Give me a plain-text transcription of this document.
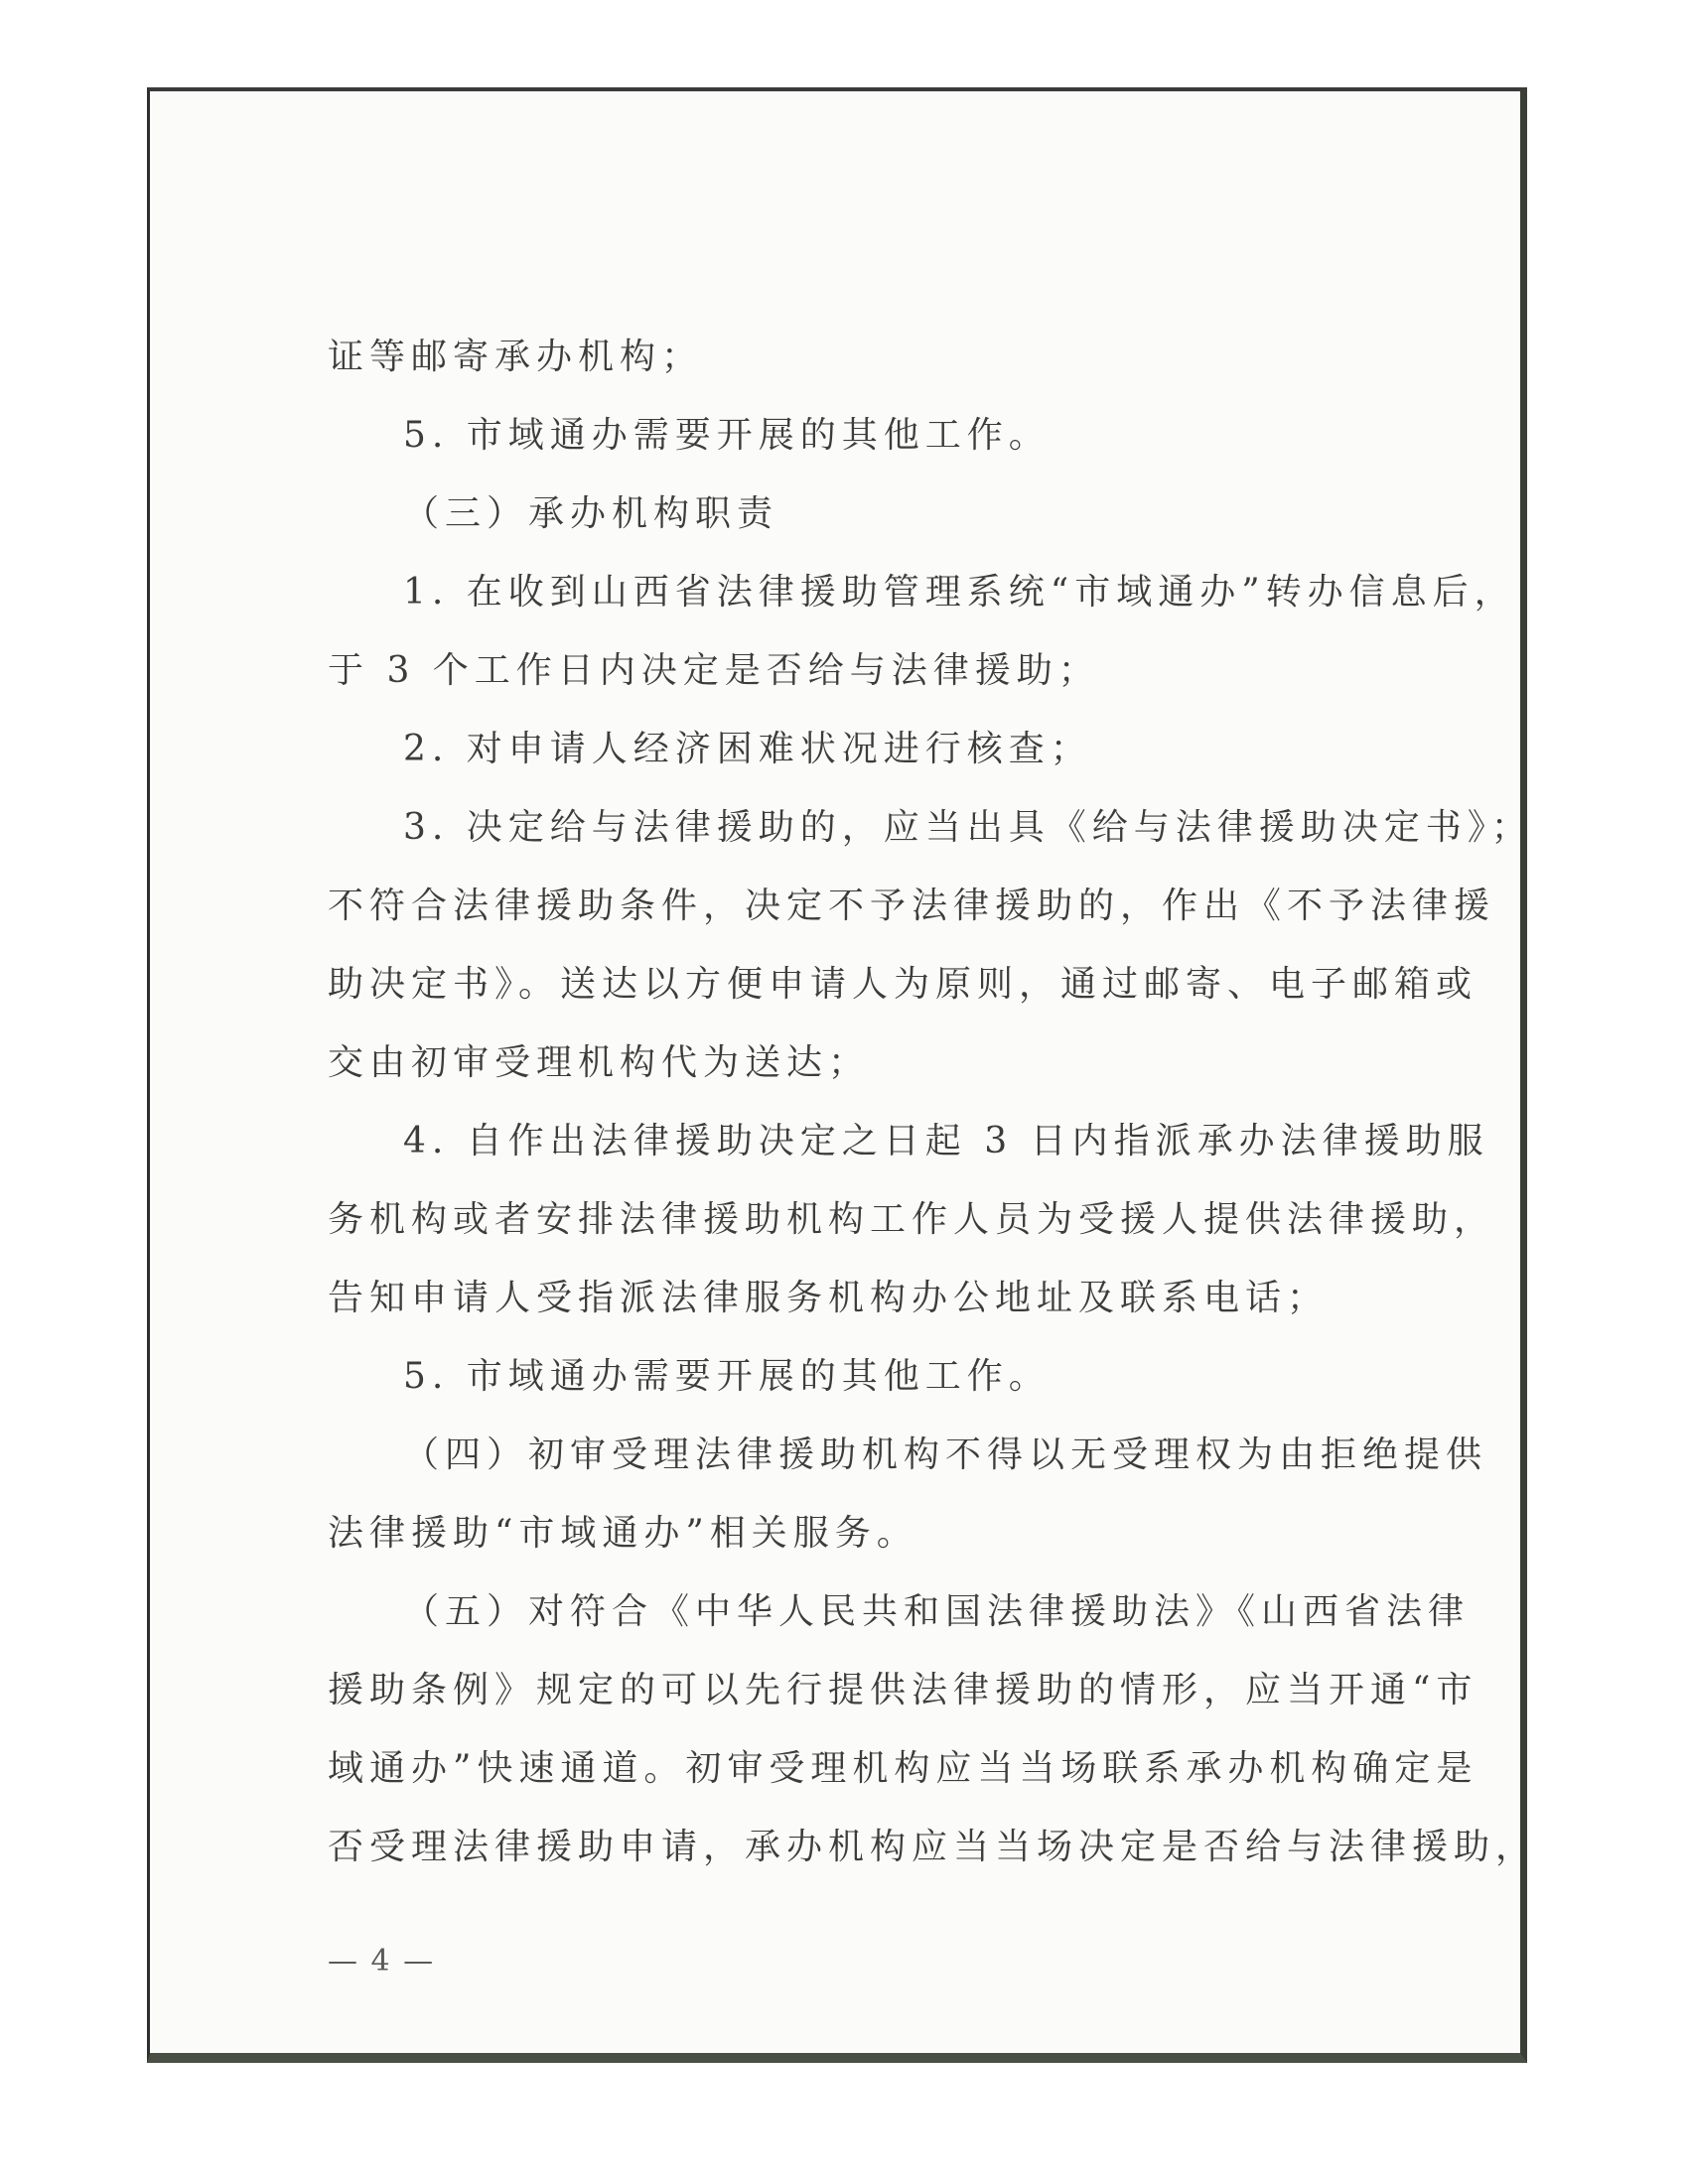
证等邮寄承办机构；
5. 市域通办需要开展的其他工作。
（三）承办机构职责
1. 在收到山西省法律援助管理系统“市域通办”转办信息后，
于 3 个工作日内决定是否给与法律援助；
2. 对申请人经济困难状况进行核查；
3. 决定给与法律援助的，应当出具《给与法律援助决定书》；
不符合法律援助条件，决定不予法律援助的，作出《不予法律援
助决定书》。送达以方便申请人为原则，通过邮寄、电子邮箱或
交由初审受理机构代为送达；
4. 自作出法律援助决定之日起 3 日内指派承办法律援助服
务机构或者安排法律援助机构工作人员为受援人提供法律援助，
告知申请人受指派法律服务机构办公地址及联系电话；
5. 市域通办需要开展的其他工作。
（四）初审受理法律援助机构不得以无受理权为由拒绝提供
法律援助“市域通办”相关服务。
（五）对符合《中华人民共和国法律援助法》《山西省法律
援助条例》规定的可以先行提供法律援助的情形，应当开通“市
域通办”快速通道。初审受理机构应当当场联系承办机构确定是
否受理法律援助申请，承办机构应当当场决定是否给与法律援助，
— 4 —
